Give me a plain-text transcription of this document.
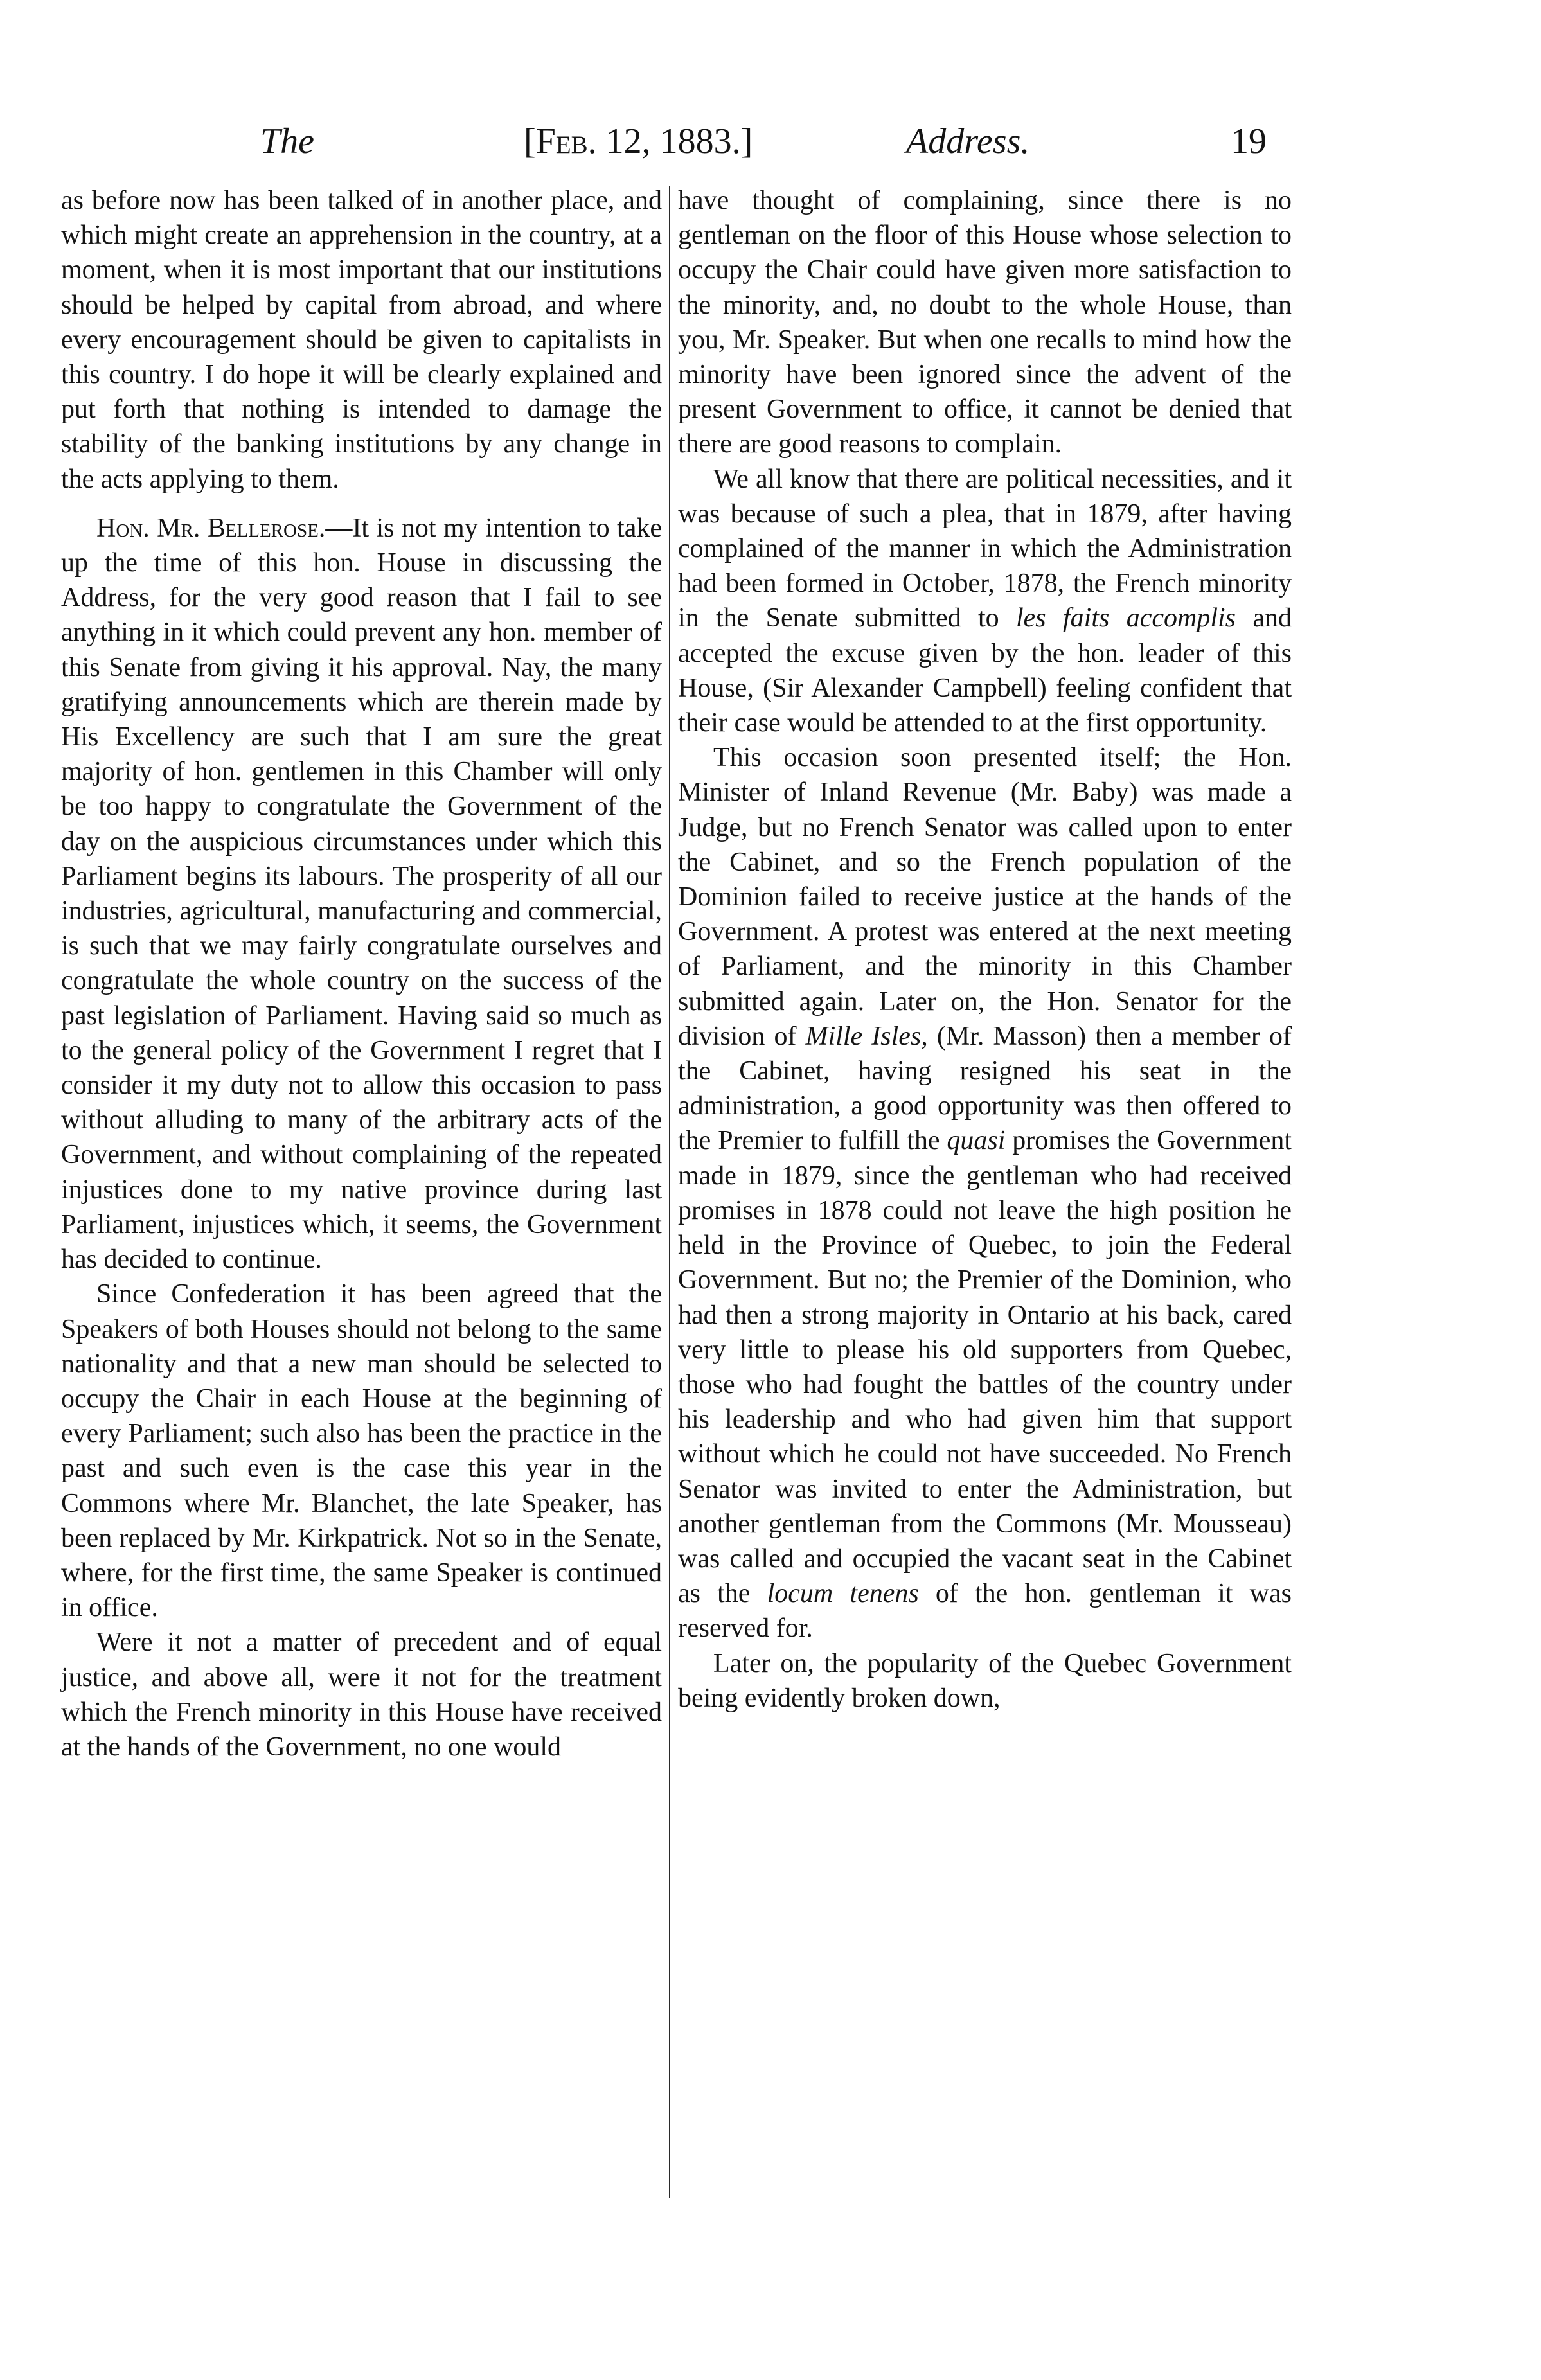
The	[Feb. 12, 1883.]	Address.	19

as before now has been talked of in another place, and which might create an apprehension in the country, at a moment, when it is most important that our institutions should be helped by capital from abroad, and where every encouragement should be given to capitalists in this country. I do hope it will be clearly explained and put forth that nothing is intended to damage the stability of the banking institutions by any change in the acts applying to them.

Hon. Mr. Bellerose.—It is not my intention to take up the time of this hon. House in discussing the Address, for the very good reason that I fail to see anything in it which could prevent any hon. member of this Senate from giving it his approval. Nay, the many gratifying announcements which are therein made by His Excellency are such that I am sure the great majority of hon. gentlemen in this Chamber will only be too happy to congratulate the Government of the day on the auspicious circumstances under which this Parliament begins its labours. The prosperity of all our industries, agricultural, manufacturing and commercial, is such that we may fairly congratulate ourselves and congratulate the whole country on the success of the past legislation of Parliament. Having said so much as to the general policy of the Government I regret that I consider it my duty not to allow this occasion to pass without alluding to many of the arbitrary acts of the Government, and without complaining of the repeated injustices done to my native province during last Parliament, injustices which, it seems, the Government has decided to continue.

Since Confederation it has been agreed that the Speakers of both Houses should not belong to the same nationality and that a new man should be selected to occupy the Chair in each House at the beginning of every Parliament; such also has been the practice in the past and such even is the case this year in the Commons where Mr. Blanchet, the late Speaker, has been replaced by Mr. Kirkpatrick. Not so in the Senate, where, for the first time, the same Speaker is continued in office.

Were it not a matter of precedent and of equal justice, and above all, were it not for the treatment which the French minority in this House have received at the hands of the Government, no one would

have thought of complaining, since there is no gentleman on the floor of this House whose selection to occupy the Chair could have given more satisfaction to the minority, and, no doubt to the whole House, than you, Mr. Speaker. But when one recalls to mind how the minority have been ignored since the advent of the present Government to office, it cannot be denied that there are good reasons to complain.

We all know that there are political necessities, and it was because of such a plea, that in 1879, after having complained of the manner in which the Administration had been formed in October, 1878, the French minority in the Senate submitted to les faits accomplis and accepted the excuse given by the hon. leader of this House, (Sir Alexander Campbell) feeling confident that their case would be attended to at the first opportunity.

This occasion soon presented itself; the Hon. Minister of Inland Revenue (Mr. Baby) was made a Judge, but no French Senator was called upon to enter the Cabinet, and so the French population of the Dominion failed to receive justice at the hands of the Government. A protest was entered at the next meeting of Parliament, and the minority in this Chamber submitted again. Later on, the Hon. Senator for the division of Mille Isles, (Mr. Masson) then a member of the Cabinet, having resigned his seat in the administration, a good opportunity was then offered to the Premier to fulfill the quasi promises the Government made in 1879, since the gentleman who had received promises in 1878 could not leave the high position he held in the Province of Quebec, to join the Federal Government. But no; the Premier of the Dominion, who had then a strong majority in Ontario at his back, cared very little to please his old supporters from Quebec, those who had fought the battles of the country under his leadership and who had given him that support without which he could not have succeeded. No French Senator was invited to enter the Administration, but another gentleman from the Commons (Mr. Mousseau) was called and occupied the vacant seat in the Cabinet as the locum tenens of the hon. gentleman it was reserved for.

Later on, the popularity of the Quebec Government being evidently broken down,
